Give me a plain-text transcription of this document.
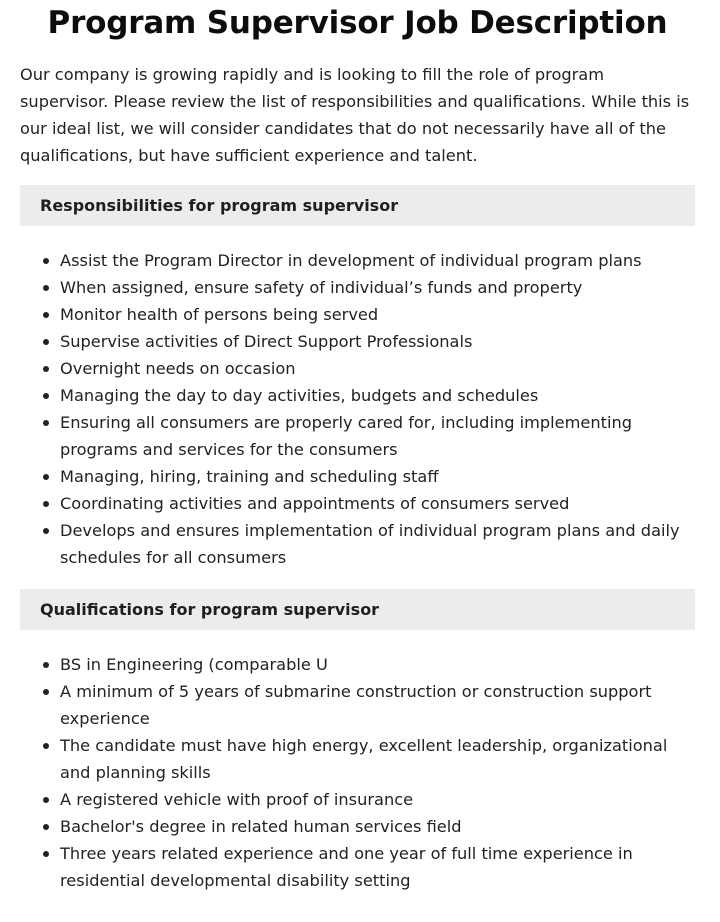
Program Supervisor Job Description

Our company is growing rapidly and is looking to fill the role of program supervisor. Please review the list of responsibilities and qualifications. While this is our ideal list, we will consider candidates that do not necessarily have all of the qualifications, but have sufficient experience and talent.

Responsibilities for program supervisor
Assist the Program Director in development of individual program plans
When assigned, ensure safety of individual’s funds and property
Monitor health of persons being served
Supervise activities of Direct Support Professionals
Overnight needs on occasion
Managing the day to day activities, budgets and schedules
Ensuring all consumers are properly cared for, including implementing programs and services for the consumers
Managing, hiring, training and scheduling staff
Coordinating activities and appointments of consumers served
Develops and ensures implementation of individual program plans and daily schedules for all consumers
Qualifications for program supervisor
BS in Engineering (comparable U
A minimum of 5 years of submarine construction or construction support experience
The candidate must have high energy, excellent leadership, organizational and planning skills
A registered vehicle with proof of insurance
Bachelor's degree in related human services field
Three years related experience and one year of full time experience in residential developmental disability setting
